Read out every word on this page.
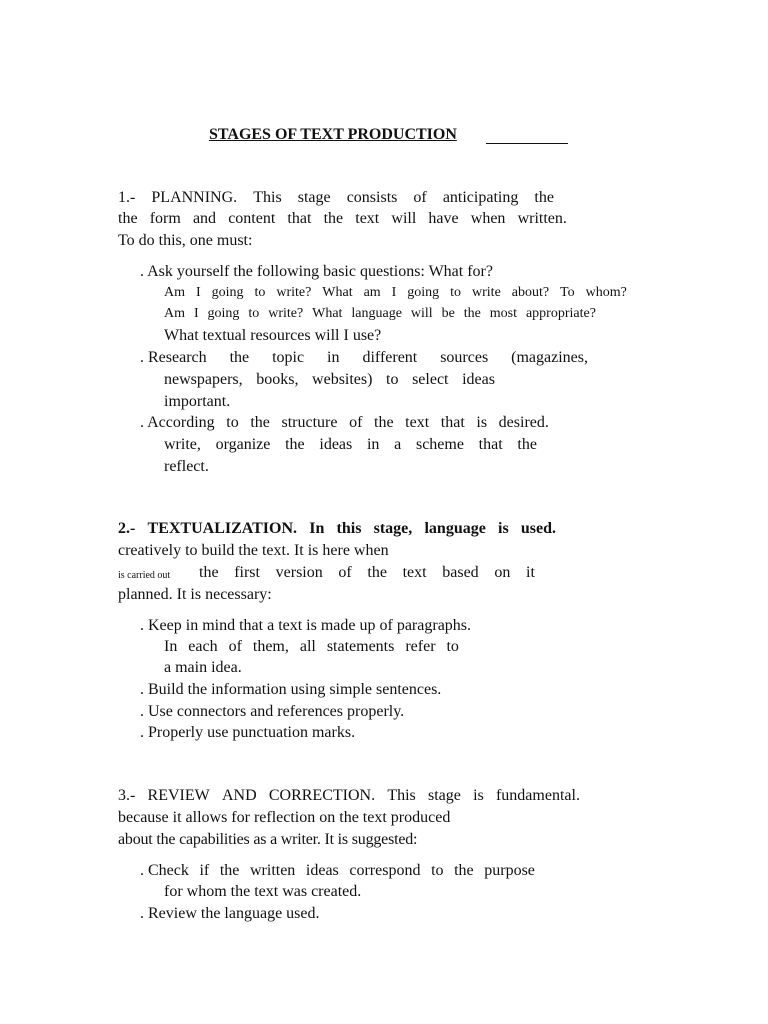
STAGES OF TEXT PRODUCTION
1.- PLANNING. This stage consists of anticipating the
the form and content that the text will have when written.
To do this, one must:
. Ask yourself the following basic questions: What for?
Am I going to write? What am I going to write about? To whom?
Am I going to write? What language will be the most appropriate?
What textual resources will I use?
. Research the topic in different sources (magazines,
newspapers, books, websites) to select ideas
important.
. According to the structure of the text that is desired.
write, organize the ideas in a scheme that the
reflect.
2.- TEXTUALIZATION. In this stage, language is used.
creatively to build the text. It is here when
is carried out the first version of the text based on it
planned. It is necessary:
. Keep in mind that a text is made up of paragraphs.
In each of them, all statements refer to
a main idea.
. Build the information using simple sentences.
. Use connectors and references properly.
. Properly use punctuation marks.
3.- REVIEW AND CORRECTION. This stage is fundamental.
because it allows for reflection on the text produced
about the capabilities as a writer. It is suggested:
. Check if the written ideas correspond to the purpose
for whom the text was created.
. Review the language used.
